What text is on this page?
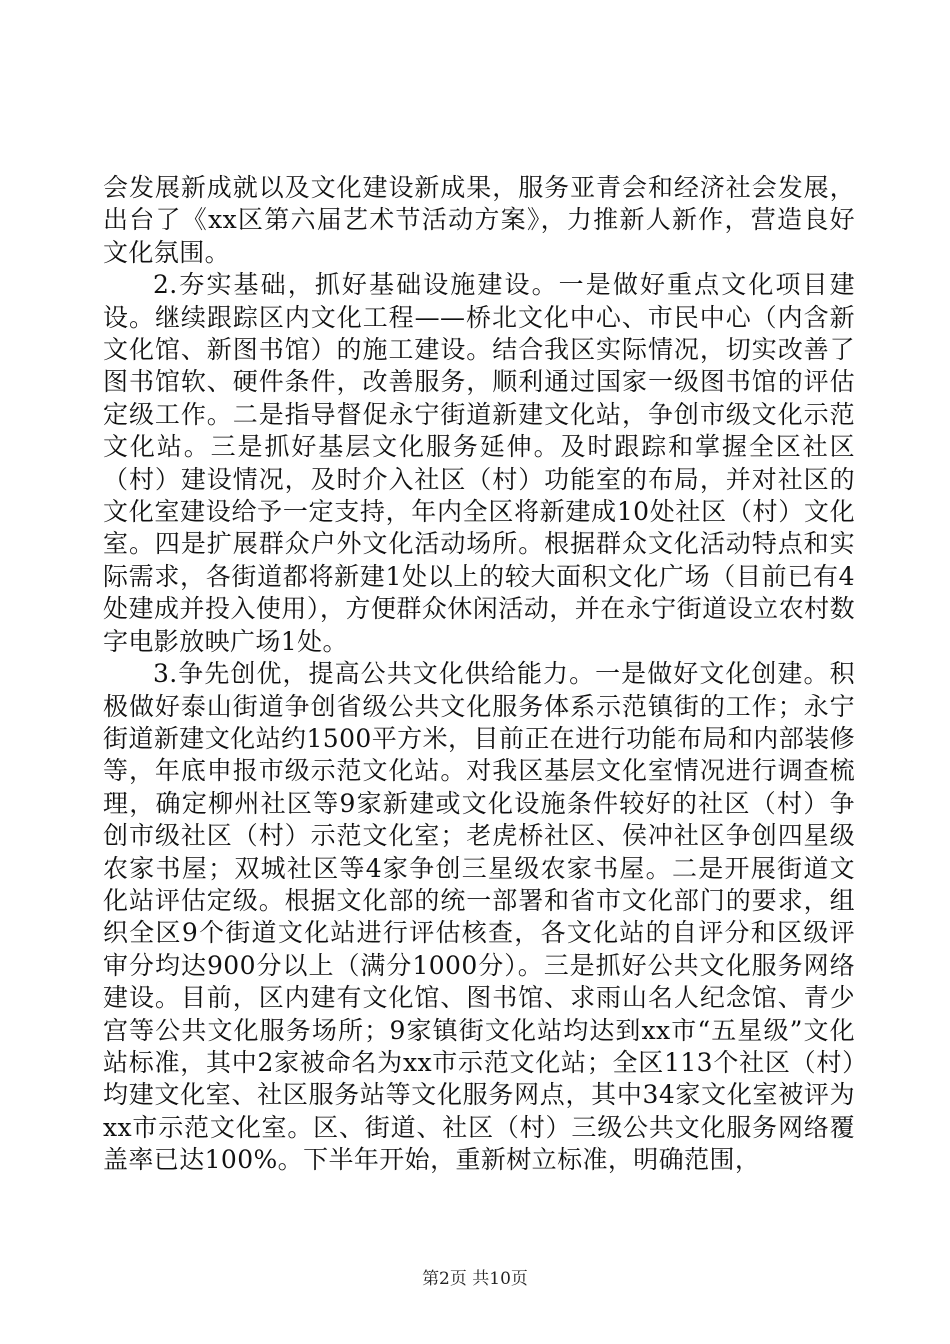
会发展新成就以及文化建设新成果，服务亚青会和经济社会发展，出台了《xx区第六届艺术节活动方案》，力推新人新作，营造良好文化氛围。

2.夯实基础，抓好基础设施建设。一是做好重点文化项目建设。继续跟踪区内文化工程——桥北文化中心、市民中心（内含新文化馆、新图书馆）的施工建设。结合我区实际情况，切实改善了图书馆软、硬件条件，改善服务，顺利通过国家一级图书馆的评估定级工作。二是指导督促永宁街道新建文化站，争创市级文化示范文化站。三是抓好基层文化服务延伸。及时跟踪和掌握全区社区（村）建设情况，及时介入社区（村）功能室的布局，并对社区的文化室建设给予一定支持，年内全区将新建成10处社区（村）文化室。四是扩展群众户外文化活动场所。根据群众文化活动特点和实际需求，各街道都将新建1处以上的较大面积文化广场（目前已有4处建成并投入使用），方便群众休闲活动，并在永宁街道设立农村数字电影放映广场1处。

3.争先创优，提高公共文化供给能力。一是做好文化创建。积极做好泰山街道争创省级公共文化服务体系示范镇街的工作；永宁街道新建文化站约1500平方米，目前正在进行功能布局和内部装修等，年底申报市级示范文化站。对我区基层文化室情况进行调查梳理，确定柳州社区等9家新建或文化设施条件较好的社区（村）争创市级社区（村）示范文化室；老虎桥社区、侯冲社区争创四星级农家书屋；双城社区等4家争创三星级农家书屋。二是开展街道文化站评估定级。根据文化部的统一部署和省市文化部门的要求，组织全区9个街道文化站进行评估核查，各文化站的自评分和区级评审分均达900分以上（满分1000分）。三是抓好公共文化服务网络建设。目前，区内建有文化馆、图书馆、求雨山名人纪念馆、青少宫等公共文化服务场所；9家镇街文化站均达到xx市“五星级”文化站标准，其中2家被命名为xx市示范文化站；全区113个社区（村）均建文化室、社区服务站等文化服务网点，其中34家文化室被评为xx市示范文化室。区、街道、社区（村）三级公共文化服务网络覆盖率已达100%。下半年开始，重新树立标准，明确范围，

第2页 共10页
